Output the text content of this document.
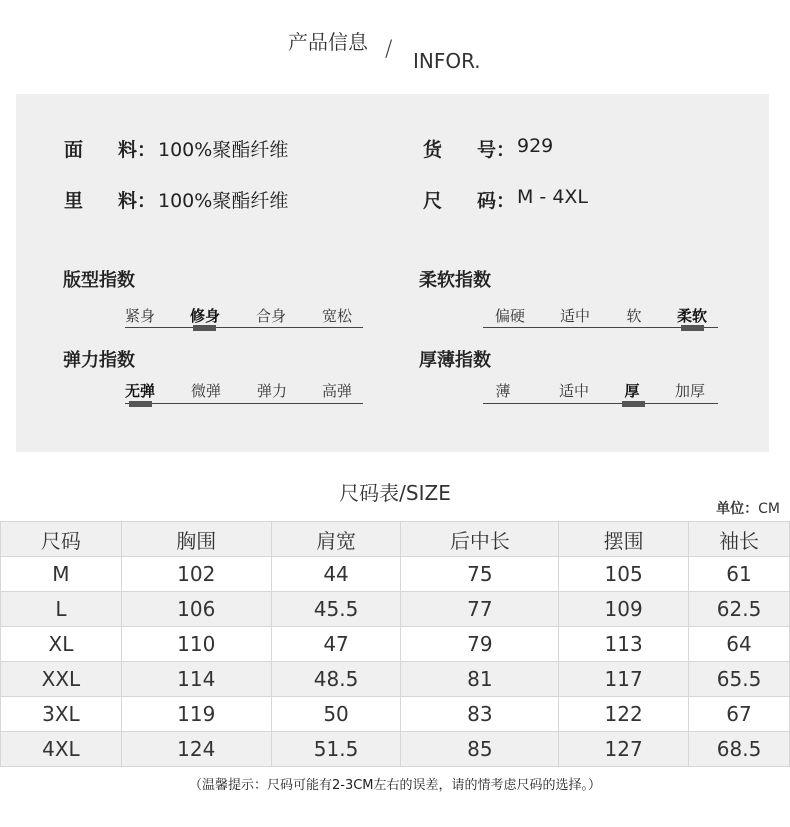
产品信息 / INFOR.
面 料： 100%聚酯纤维
里 料： 100%聚酯纤维
货 号： 929
尺 码： M - 4XL
版型指数
紧身	修身	合身	宽松
柔软指数
偏硬	适中	软	柔软
弹力指数
无弹	微弹	弹力	高弹
厚薄指数
薄	适中	厚	加厚
尺码表/SIZE
单位：CM
尺码	胸围	肩宽	后中长	摆围	袖长
M	102	44	75	105	61
L	106	45.5	77	109	62.5
XL	110	47	79	113	64
XXL	114	48.5	81	117	65.5
3XL	119	50	83	122	67
4XL	124	51.5	85	127	68.5
（温馨提示：尺码可能有2-3CM左右的误差，请的情考虑尺码的选择。）
